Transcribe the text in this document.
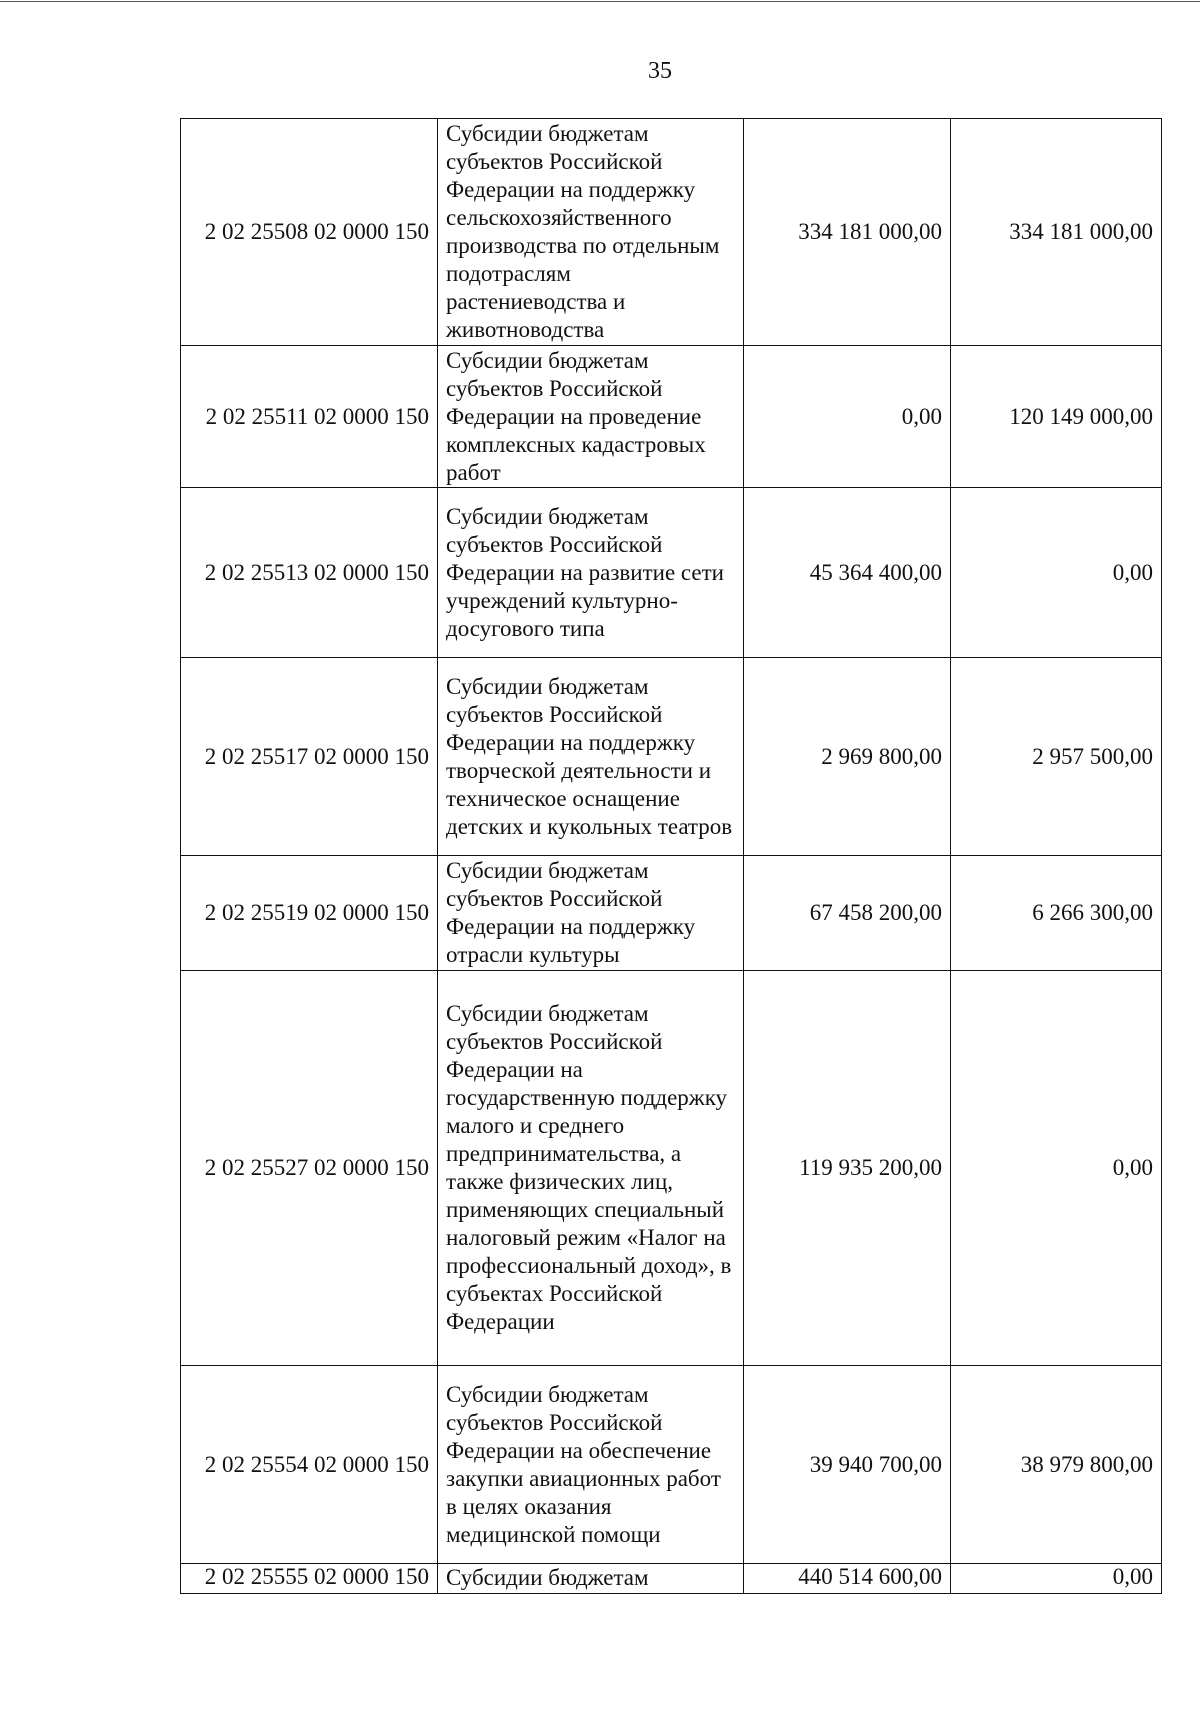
35
2 02 25508 02 0000 150	Субсидии бюджетам субъектов Российской Федерации на поддержку сельскохозяйственного производства по отдельным подотраслям растениеводства и животноводства	334 181 000,00	334 181 000,00
2 02 25511 02 0000 150	Субсидии бюджетам субъектов Российской Федерации на проведение комплексных кадастровых работ	0,00	120 149 000,00
2 02 25513 02 0000 150	Субсидии бюджетам субъектов Российской Федерации на развитие сети учреждений культурно-досугового типа	45 364 400,00	0,00
2 02 25517 02 0000 150	Субсидии бюджетам субъектов Российской Федерации на поддержку творческой деятельности и техническое оснащение детских и кукольных театров	2 969 800,00	2 957 500,00
2 02 25519 02 0000 150	Субсидии бюджетам субъектов Российской Федерации на поддержку отрасли культуры	67 458 200,00	6 266 300,00
2 02 25527 02 0000 150	Субсидии бюджетам субъектов Российской Федерации на государственную поддержку малого и среднего предпринимательства, а также физических лиц, применяющих специальный налоговый режим «Налог на профессиональный доход», в субъектах Российской Федерации	119 935 200,00	0,00
2 02 25554 02 0000 150	Субсидии бюджетам субъектов Российской Федерации на обеспечение закупки авиационных работ в целях оказания медицинской помощи	39 940 700,00	38 979 800,00
2 02 25555 02 0000 150	Субсидии бюджетам	440 514 600,00	0,00
